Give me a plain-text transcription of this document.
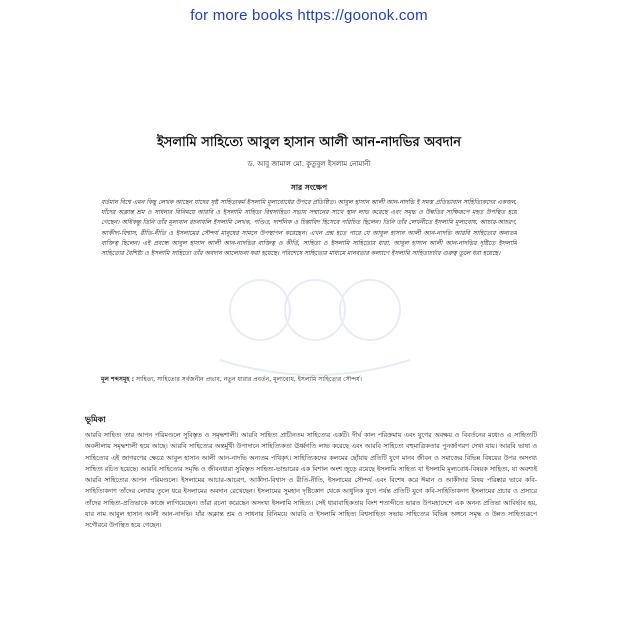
for more books https://goonok.com
ইসলামি সাহিত্যে আবুল হাসান আলী আন-নাদভির অবদান
ড. আবু জামাল মো. কুতুবুল ইসলাম নোমানী
সার সংক্ষেপ
বর্তমান বিশ্বে এমন কিছু লেখক আছেন যাদের সৃষ্ট সাহিত্যকর্ম ইসলামি মূল্যবোধের উপরে প্রতিষ্ঠিত। আবুল হাসান আলী আন-নাদভি ই সমস্ত প্রতিভাবান সাহিত্যিকদের একজন, যাঁদের অক্লান্ত শ্রম ও সাধনার বিনিময়ে আরবি ও ইসলামি সাহিত্য বিশ্বসাহিত্য সভায় সম্মানের সাথে স্থান লাভ করেছে এবং সমৃদ্ধ ও উন্নতির সাক্ষিরূপে মহত উপস্থিত হয়ে গেছেন। অধিকন্তু তিনি তাঁর মূল্যবান রচনাবলি ইসলামি লেখক, পণ্ডিত, দার্শনিক ও চিন্তাবিদ হিসেবে পরিচিত ছিলেন। তিনি তাঁর লেখনীতে ইসলামি মূল্যবোধ, আচার-আচরণ, আকীদা-বিশ্বাস, রীতি-নীতি ও ইসলামের সৌন্দর্য মানুষের সামনে উপস্থাপন করেছেন। এখন প্রশ্ন হতে পারে যে আবুল হাসান আলী আন-নাদভি আরবি সাহিত্যের অন্যতম ব্যক্তিত্ব ছিলেন। এই প্রবন্ধে আবুল হাসান আলী আন-নাদভির ব্যক্তিত্ব ও কীর্তি, সাহিত্য ও ইসলামি সাহিত্যের ধারা, আবুল হাসান আলী আন-নাদভির দৃষ্টিতে ইসলামি সাহিত্যের বৈশিষ্ট্য ও ইসলামি সাহিত্যে তাঁর অবদান আলোচনা করা হয়েছে। পরিশেষে সাহিত্যের মাধ্যমে মানবতার কল্যাণে ইসলামি সাহিত্যচর্চার গুরুত্ব তুলে ধরা হয়েছে।
মূল শব্দসমূহ : সাহিত্য, সাহিত্যের সর্বজনীন প্রভাব, নতুন ধারার প্রবর্তন, মূল্যবোধ, ইসলামি সাহিত্যের সৌন্দর্য।
ভূমিকা
আরবি সাহিত্য তার আপন পরিমণ্ডলে সুবিস্তৃত ও সমৃদ্ধশালী। আরবি সাহিত্য প্রাচীনতম সাহিত্যের একটি। দীর্ঘ কাল পরিক্রমায় এবং যুগের অবক্ষয় ও বিবর্তনের মধ্যেও এ সাহিত্যটি অবলীলায় সমৃদ্ধশালী হয়ে আছে। আরবি সাহিত্যের অন্তর্মুখী উপাদানে সাহিত্যিকতা ঊর্ধ্বগতি লাভ করেছে এবং আরবি সাহিত্যে বহুমাত্রিকতার পুনর্জাগরণ দেখা যায়। আরবি ভাষা ও সাহিত্যের এই জাগরণের ক্ষেত্রে আবুল হাসান আলী আন-নাদভি অন্যতম পথিকৃৎ। সাহিত্যিকদের কলমের ছোঁয়ায় প্রতিটি যুগে মানব জীবন ও সমাজের বিভিন্ন বিষয়ের উপর অসংখ্য সাহিত্য রচিত হয়েছে। আরবি সাহিত্যের সমৃদ্ধি ও জীবনধারা সুবিস্তৃত সাহিত্য-ভান্ডারের এক বিশাল অংশ জুড়ে রয়েছে ইসলামি সাহিত্য যা ইসলামি মূল্যবোধ-বিষয়ক সাহিত্য, যা অবশ্যই আরবি সাহিত্যের আপন পরিমণ্ডলে। ইসলামের আচার-আচরণ, আকীদা-বিশ্বাস ও রীতি-নীতি, ইসলামের সৌন্দর্য এবং বিশেষ করে ঈমান ও আকীদার বিষয় পরিষ্কার ভাবে কবি-সাহিত্যিকগণ তাঁদের লেখায় তুলে ধরে ইসলামের অবদান রেখেছেন। ইসলামের সুমহান দৃষ্টিকোণ থেকে আধুনিক যুগে পর্যন্ত প্রতিটি যুগে কবি-সাহিত্যিকগণ ইসলামের প্রচার ও প্রসারে তাঁদের সাহিত্য-প্রতিভাকে কাজে লাগিয়েছেন। তাঁরা রচনা করেছেন অসংখ্য ইসলামি সাহিত্য। সেই ধারাবাহিকতায় বিংশ শতাব্দীতে ভারত উপমহাদেশে এক অনন্য প্রতিভা আবির্ভাব হয়, যার নাম আবুল হাসান আলী আন-নাদভি। যাঁর অক্লান্ত শ্রম ও সাধনার বিনিময়ে আরবি ও ইসলামি সাহিত্য বিশ্বসাহিত্য সভায় সাহিত্যের বিভিন্ন অঙ্গনে সমৃদ্ধ ও উন্নত সাহিত্যরূপে সগৌরবে উপস্থিত হয়ে গেছেন।
